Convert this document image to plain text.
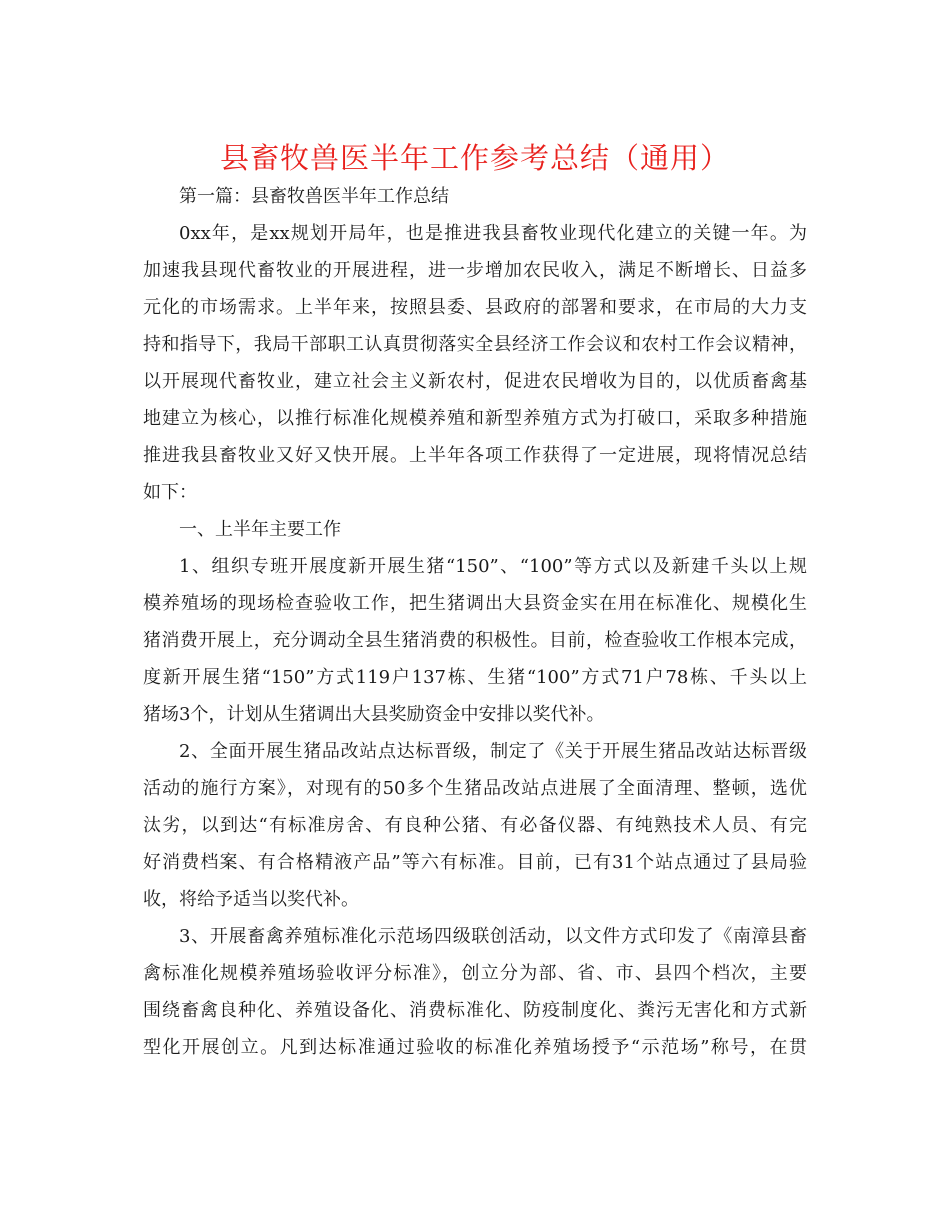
县畜牧兽医半年工作参考总结（通用）
第一篇：县畜牧兽医半年工作总结
0xx年，是xx规划开局年，也是推进我县畜牧业现代化建立的关键一年。为
加速我县现代畜牧业的开展进程，进一步增加农民收入，满足不断增长、日益多
元化的市场需求。上半年来，按照县委、县政府的部署和要求，在市局的大力支
持和指导下，我局干部职工认真贯彻落实全县经济工作会议和农村工作会议精神，
以开展现代畜牧业，建立社会主义新农村，促进农民增收为目的，以优质畜禽基
地建立为核心，以推行标准化规模养殖和新型养殖方式为打破口，采取多种措施
推进我县畜牧业又好又快开展。上半年各项工作获得了一定进展，现将情况总结
如下：
一、上半年主要工作
1、组织专班开展度新开展生猪“150”、“100”等方式以及新建千头以上规
模养殖场的现场检查验收工作，把生猪调出大县资金实在用在标准化、规模化生
猪消费开展上，充分调动全县生猪消费的积极性。目前，检查验收工作根本完成，
度新开展生猪“150”方式119户137栋、生猪“100”方式71户78栋、千头以上
猪场3个，计划从生猪调出大县奖励资金中安排以奖代补。
2、全面开展生猪品改站点达标晋级，制定了《关于开展生猪品改站达标晋级
活动的施行方案》，对现有的50多个生猪品改站点进展了全面清理、整顿，选优
汰劣，以到达“有标准房舍、有良种公猪、有必备仪器、有纯熟技术人员、有完
好消费档案、有合格精液产品”等六有标准。目前，已有31个站点通过了县局验
收，将给予适当以奖代补。
3、开展畜禽养殖标准化示范场四级联创活动，以文件方式印发了《南漳县畜
禽标准化规模养殖场验收评分标准》，创立分为部、省、市、县四个档次，主要
围绕畜禽良种化、养殖设备化、消费标准化、防疫制度化、粪污无害化和方式新
型化开展创立。凡到达标准通过验收的标准化养殖场授予“示范场”称号，在贯
